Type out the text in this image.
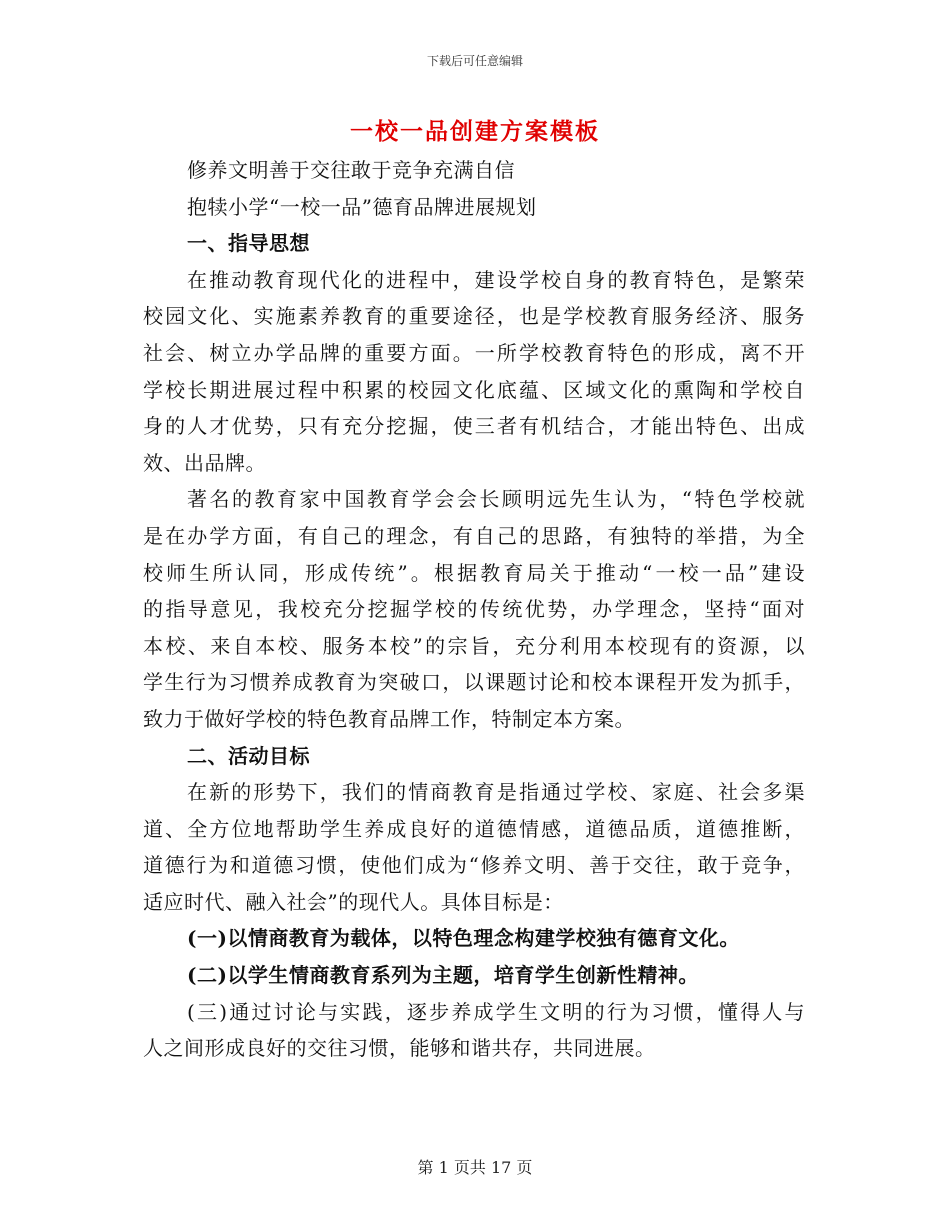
下载后可任意编辑
一校一品创建方案模板
修养文明善于交往敢于竞争充满自信
抱犊小学“一校一品”德育品牌进展规划
一、指导思想
在推动教育现代化的进程中，建设学校自身的教育特色，是繁荣
校园文化、实施素养教育的重要途径，也是学校教育服务经济、服务
社会、树立办学品牌的重要方面。一所学校教育特色的形成，离不开
学校长期进展过程中积累的校园文化底蕴、区域文化的熏陶和学校自
身的人才优势，只有充分挖掘，使三者有机结合，才能出特色、出成
效、出品牌。
著名的教育家中国教育学会会长顾明远先生认为，“特色学校就
是在办学方面，有自己的理念，有自己的思路，有独特的举措，为全
校师生所认同，形成传统”。根据教育局关于推动“一校一品”建设
的指导意见，我校充分挖掘学校的传统优势，办学理念，坚持“面对
本校、来自本校、服务本校”的宗旨，充分利用本校现有的资源，以
学生行为习惯养成教育为突破口，以课题讨论和校本课程开发为抓手，
致力于做好学校的特色教育品牌工作，特制定本方案。
二、活动目标
在新的形势下，我们的情商教育是指通过学校、家庭、社会多渠
道、全方位地帮助学生养成良好的道德情感，道德品质，道德推断，
道德行为和道德习惯，使他们成为“修养文明、善于交往，敢于竞争，
适应时代、融入社会”的现代人。具体目标是：
(一)以情商教育为载体，以特色理念构建学校独有德育文化。
(二)以学生情商教育系列为主题，培育学生创新性精神。
(三)通过讨论与实践，逐步养成学生文明的行为习惯，懂得人与
人之间形成良好的交往习惯，能够和谐共存，共同进展。
第 1 页共 17 页
